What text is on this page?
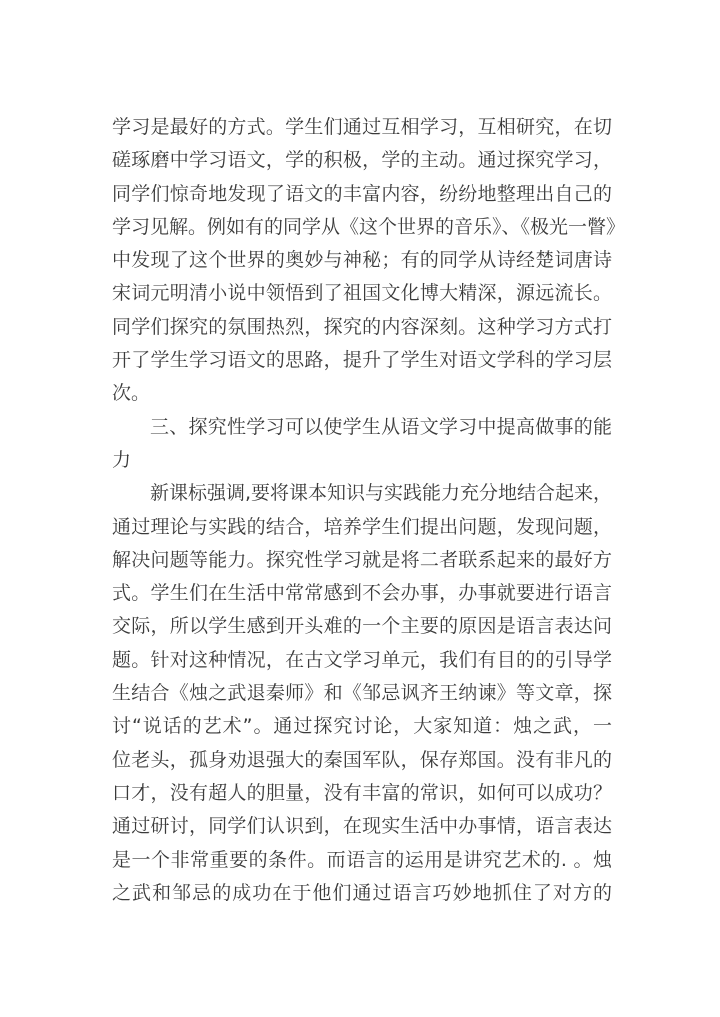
学习是最好的方式。学生们通过互相学习，互相研究，在切
磋琢磨中学习语文，学的积极，学的主动。通过探究学习，
同学们惊奇地发现了语文的丰富内容，纷纷地整理出自己的
学习见解。例如有的同学从《这个世界的音乐》、《极光一瞥》
中发现了这个世界的奥妙与神秘；有的同学从诗经楚词唐诗
宋词元明清小说中领悟到了祖国文化博大精深，源远流长。
同学们探究的氛围热烈，探究的内容深刻。这种学习方式打
开了学生学习语文的思路，提升了学生对语文学科的学习层
次。
三、探究性学习可以使学生从语文学习中提高做事的能
力
新课标强调,要将课本知识与实践能力充分地结合起来，
通过理论与实践的结合，培养学生们提出问题，发现问题，
解决问题等能力。探究性学习就是将二者联系起来的最好方
式。学生们在生活中常常感到不会办事，办事就要进行语言
交际，所以学生感到开头难的一个主要的原因是语言表达问
题。针对这种情况，在古文学习单元，我们有目的的引导学
生结合《烛之武退秦师》和《邹忌讽齐王纳谏》等文章，探
讨“说话的艺术”。通过探究讨论，大家知道：烛之武，一
位老头，孤身劝退强大的秦国军队，保存郑国。没有非凡的
口才，没有超人的胆量，没有丰富的常识，如何可以成功？
通过研讨，同学们认识到，在现实生活中办事情，语言表达
是一个非常重要的条件。而语言的运用是讲究艺术的. 。烛
之武和邹忌的成功在于他们通过语言巧妙地抓住了对方的
